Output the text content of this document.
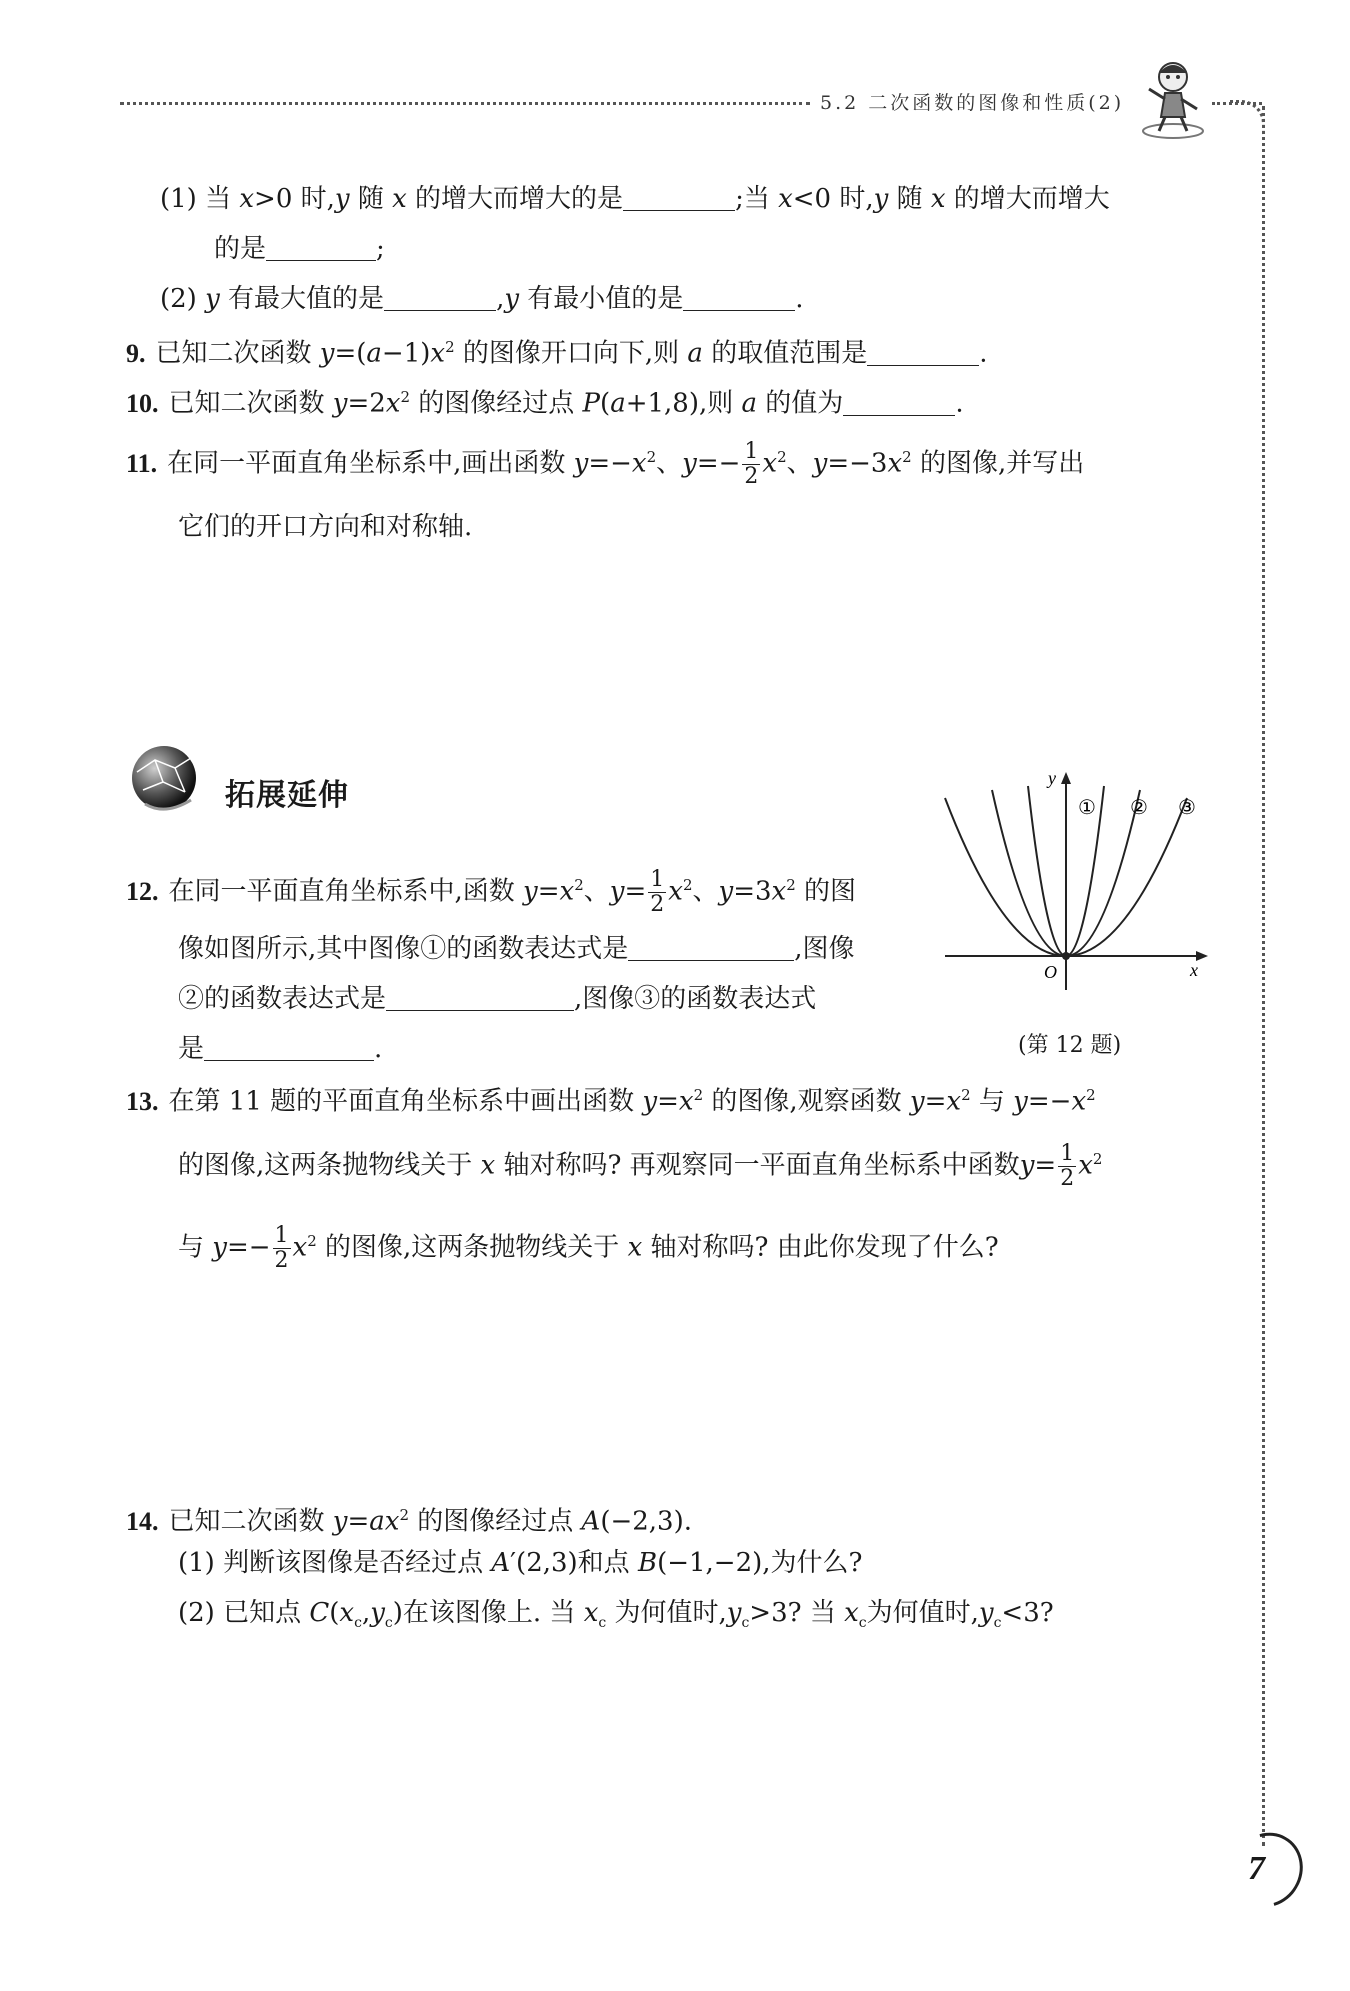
5.2 二次函数的图像和性质(2)
(1) 当 x>0 时,y 随 x 的增大而增大的是	;当 x<0 时,y 随 x 的增大而增大
的是	;
(2) y 有最大值的是	,y 有最小值的是	.
9. 已知二次函数 $y=(a-1)x^2$ 的图像开口向下,则 a 的取值范围是	.
10. 已知二次函数 $y=2x^2$ 的图像经过点 P(a+1,8),则 a 的值为	.
11. 在同一平面直角坐标系中,画出函数 $y=-x^2$、$y=- \frac{1}{2} x^2$、$y=-3x^2$ 的图像,并写出
它们的开口方向和对称轴.
拓展延伸
12. 在同一平面直角坐标系中,函数 $y=x^2$、$y= \frac{1}{2} x^2$、$y=3x^2$ 的图
像如图所示,其中图像①的函数表达式是	,图像
②的函数表达式是	,图像③的函数表达式
是	.
y
x
O
① ② ③
(第 12 题)
13. 在第 11 题的平面直角坐标系中画出函数 $y=x^2$ 的图像,观察函数 $y=x^2$ 与 $y=-x^2$
的图像,这两条抛物线关于 x 轴对称吗? 再观察同一平面直角坐标系中函数$y= \frac{1}{2} x^2$
与 $y=- \frac{1}{2} x^2$ 的图像,这两条抛物线关于 x 轴对称吗? 由此你发现了什么?
14. 已知二次函数 $y=ax^2$ 的图像经过点 A(−2,3).
(1) 判断该图像是否经过点 A′(2,3)和点 B(−1,−2),为什么?
(2) 已知点 $C(x_c,y_c)$在该图像上. 当 $x_c$ 为何值时$,y_c>3$? 当 $x_c$为何值时$,y_c<3$?
7
